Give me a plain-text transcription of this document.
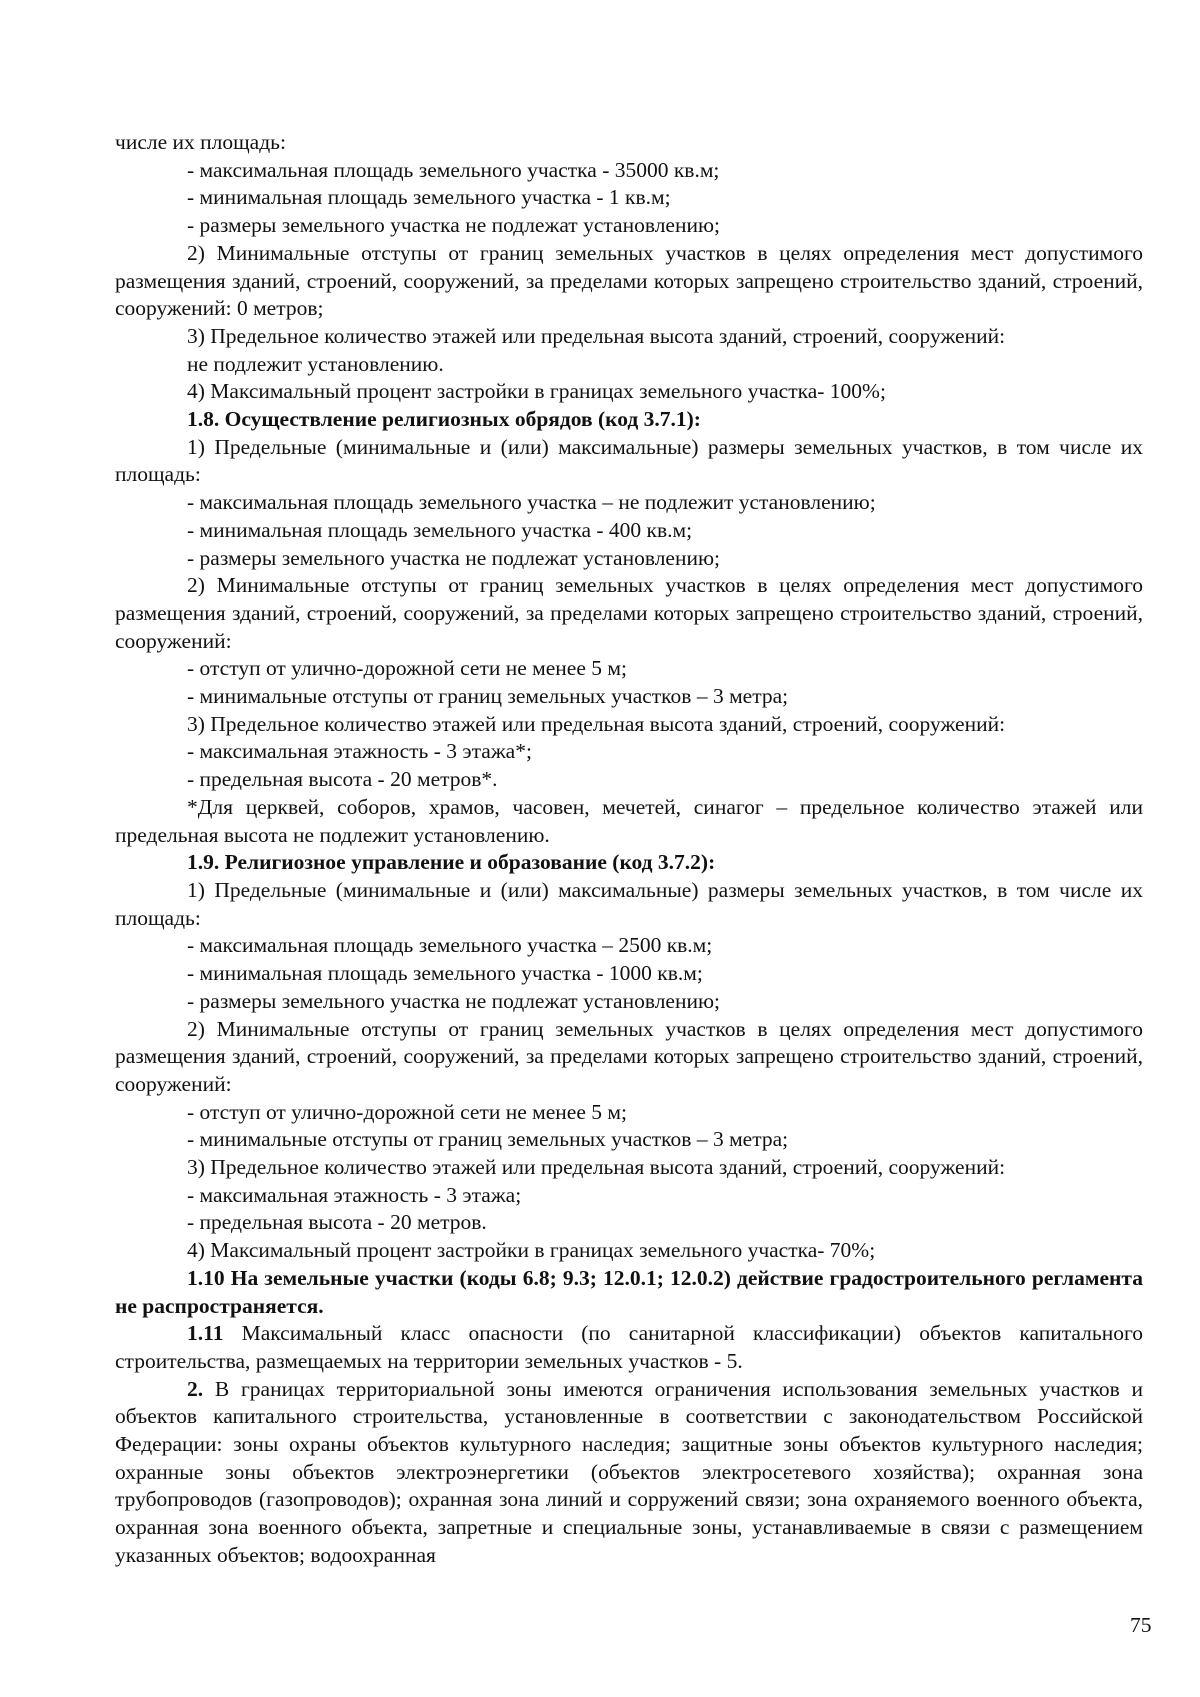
числе их площадь:

- максимальная площадь земельного участка - 35000 кв.м;

- минимальная площадь земельного участка - 1 кв.м;

- размеры земельного участка не подлежат установлению;

2) Минимальные отступы от границ земельных участков в целях определения мест допустимого размещения зданий, строений, сооружений, за пределами которых запрещено строительство зданий, строений, сооружений: 0 метров;

3) Предельное количество этажей или предельная высота зданий, строений, сооружений:

не подлежит установлению.

4) Максимальный процент застройки в границах земельного участка- 100%;

1.8. Осуществление религиозных обрядов (код 3.7.1):

1) Предельные (минимальные и (или) максимальные) размеры земельных участков, в том числе их площадь:

- максимальная площадь земельного участка – не подлежит установлению;

- минимальная площадь земельного участка - 400 кв.м;

- размеры земельного участка не подлежат установлению;

2) Минимальные отступы от границ земельных участков в целях определения мест допустимого размещения зданий, строений, сооружений, за пределами которых запрещено строительство зданий, строений, сооружений:

- отступ от улично-дорожной сети не менее 5 м;

- минимальные отступы от границ земельных участков – 3 метра;

3) Предельное количество этажей или предельная высота зданий, строений, сооружений:

- максимальная этажность - 3 этажа*;

- предельная высота - 20 метров*.

*Для церквей, соборов, храмов, часовен, мечетей, синагог – предельное количество этажей или предельная высота не подлежит установлению.

1.9. Религиозное управление и образование (код 3.7.2):

1) Предельные (минимальные и (или) максимальные) размеры земельных участков, в том числе их площадь:

- максимальная площадь земельного участка – 2500 кв.м;

- минимальная площадь земельного участка - 1000 кв.м;

- размеры земельного участка не подлежат установлению;

2) Минимальные отступы от границ земельных участков в целях определения мест допустимого размещения зданий, строений, сооружений, за пределами которых запрещено строительство зданий, строений, сооружений:

- отступ от улично-дорожной сети не менее 5 м;

- минимальные отступы от границ земельных участков – 3 метра;

3) Предельное количество этажей или предельная высота зданий, строений, сооружений:

- максимальная этажность - 3 этажа;

- предельная высота - 20 метров.

4) Максимальный процент застройки в границах земельного участка- 70%;

1.10 На земельные участки (коды 6.8; 9.3; 12.0.1; 12.0.2) действие градостроительного регламента не распространяется.

1.11 Максимальный класс опасности (по санитарной классификации) объектов капитального строительства, размещаемых на территории земельных участков - 5.

2. В границах территориальной зоны имеются ограничения использования земельных участков и объектов капитального строительства, установленные в соответствии с законодательством Российской Федерации: зоны охраны объектов культурного наследия; защитные зоны объектов культурного наследия; охранные зоны объектов электроэнергетики (объектов электросетевого хозяйства); охранная зона трубопроводов (газопроводов); охранная зона линий и сорружений связи; зона охраняемого военного объекта, охранная зона военного объекта, запретные и специальные зоны, устанавливаемые в связи с размещением указанных объектов; водоохранная

75
